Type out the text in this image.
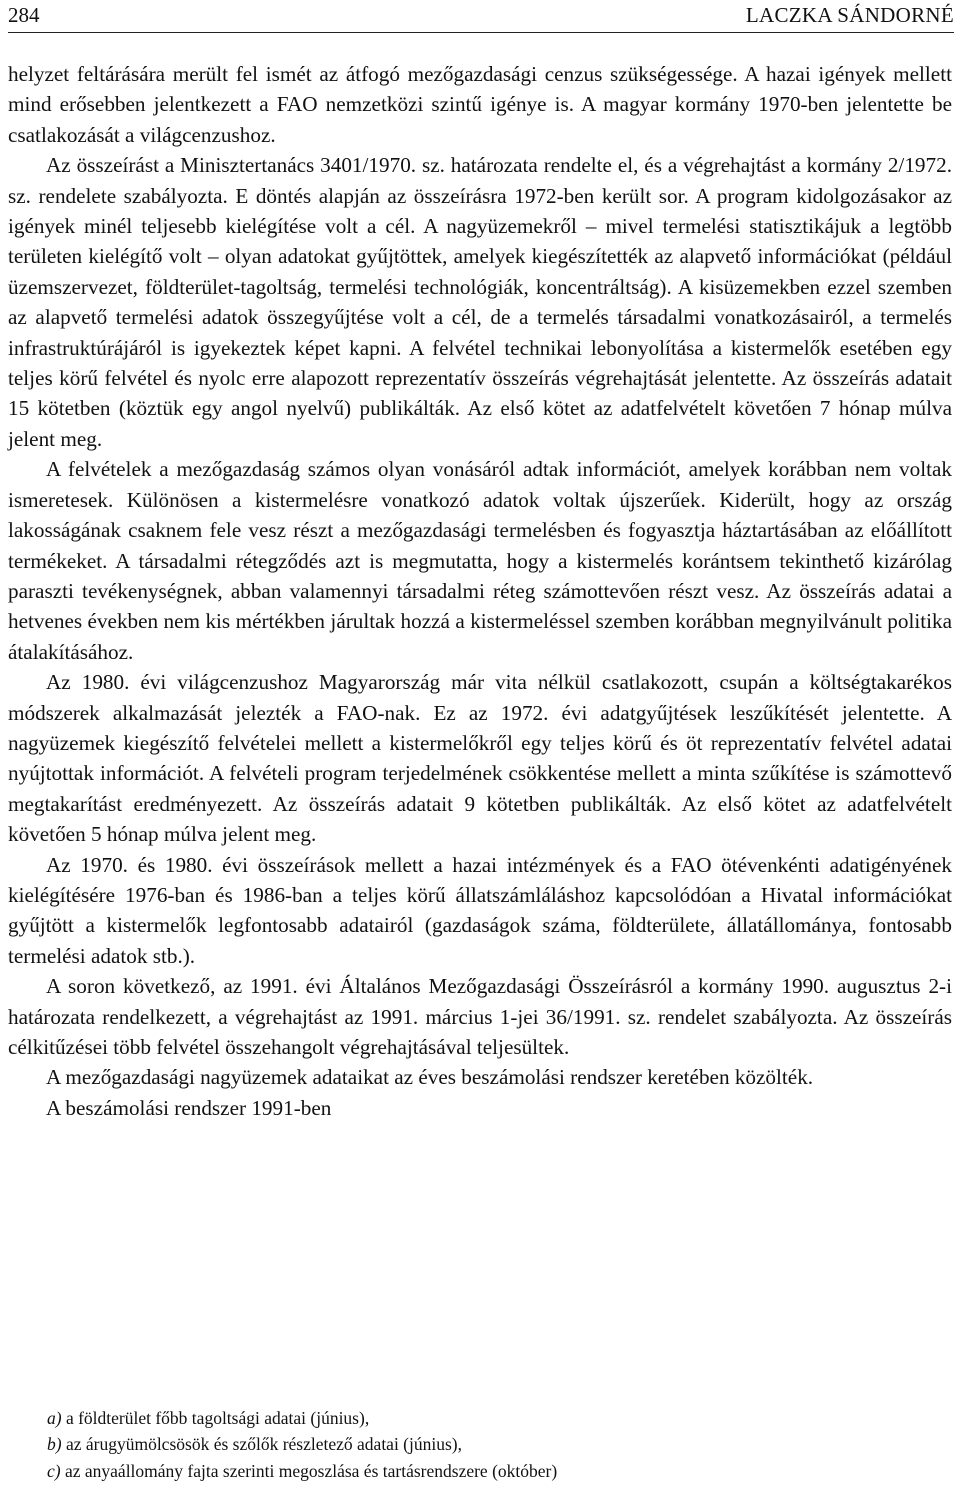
284	LACZKA SÁNDORNÉ

helyzet feltárására merült fel ismét az átfogó mezőgazdasági cenzus szükségessége. A hazai igények mellett mind erősebben jelentkezett a FAO nemzetközi szintű igénye is. A magyar kormány 1970-ben jelentette be csatlakozását a világcenzushoz.

Az összeírást a Minisztertanács 3401/1970. sz. határozata rendelte el, és a végrehajtást a kormány 2/1972. sz. rendelete szabályozta. E döntés alapján az összeírásra 1972-ben került sor. A program kidolgozásakor az igények minél teljesebb kielégítése volt a cél. A nagyüzemekről – mivel termelési statisztikájuk a legtöbb területen kielégítő volt – olyan adatokat gyűjtöttek, amelyek kiegészítették az alapvető információkat (például üzemszervezet, földterület-tagoltság, termelési technológiák, koncentráltság). A kisüzemekben ezzel szemben az alapvető termelési adatok összegyűjtése volt a cél, de a termelés társadalmi vonatkozásairól, a termelés infrastruktúrájáról is igyekeztek képet kapni. A felvétel technikai lebonyolítása a kistermelők esetében egy teljes körű felvétel és nyolc erre alapozott reprezentatív összeírás végrehajtását jelentette. Az összeírás adatait 15 kötetben (köztük egy angol nyelvű) publikálták. Az első kötet az adatfelvételt követően 7 hónap múlva jelent meg.

A felvételek a mezőgazdaság számos olyan vonásáról adtak információt, amelyek korábban nem voltak ismeretesek. Különösen a kistermelésre vonatkozó adatok voltak újszerűek. Kiderült, hogy az ország lakosságának csaknem fele vesz részt a mezőgazdasági termelésben és fogyasztja háztartásában az előállított termékeket. A társadalmi rétegződés azt is megmutatta, hogy a kistermelés korántsem tekinthető kizárólag paraszti tevékenységnek, abban valamennyi társadalmi réteg számottevően részt vesz. Az összeírás adatai a hetvenes években nem kis mértékben járultak hozzá a kistermeléssel szemben korábban megnyilvánult politika átalakításához.

Az 1980. évi világcenzushoz Magyarország már vita nélkül csatlakozott, csupán a költségtakarékos módszerek alkalmazását jelezték a FAO-nak. Ez az 1972. évi adatgyűjtések leszűkítését jelentette. A nagyüzemek kiegészítő felvételei mellett a kistermelőkről egy teljes körű és öt reprezentatív felvétel adatai nyújtottak információt. A felvételi program terjedelmének csökkentése mellett a minta szűkítése is számottevő megtakarítást eredményezett. Az összeírás adatait 9 kötetben publikálták. Az első kötet az adatfelvételt követően 5 hónap múlva jelent meg.

Az 1970. és 1980. évi összeírások mellett a hazai intézmények és a FAO ötévenkénti adatigényének kielégítésére 1976-ban és 1986-ban a teljes körű állatszámláláshoz kapcsolódóan a Hivatal információkat gyűjtött a kistermelők legfontosabb adatairól (gazdaságok száma, földterülete, állatállománya, fontosabb termelési adatok stb.).

A soron következő, az 1991. évi Általános Mezőgazdasági Összeírásról a kormány 1990. augusztus 2-i határozata rendelkezett, a végrehajtást az 1991. március 1-jei 36/1991. sz. rendelet szabályozta. Az összeírás célkitűzései több felvétel összehangolt végrehajtásával teljesültek.

A mezőgazdasági nagyüzemek adataikat az éves beszámolási rendszer keretében közölték.

A beszámolási rendszer 1991-ben

a) a földterület főbb tagoltsági adatai (június),
b) az árugyümölcsösök és szőlők részletező adatai (június),
c) az anyaállomány fajta szerinti megoszlása és tartásrendszere (október)
